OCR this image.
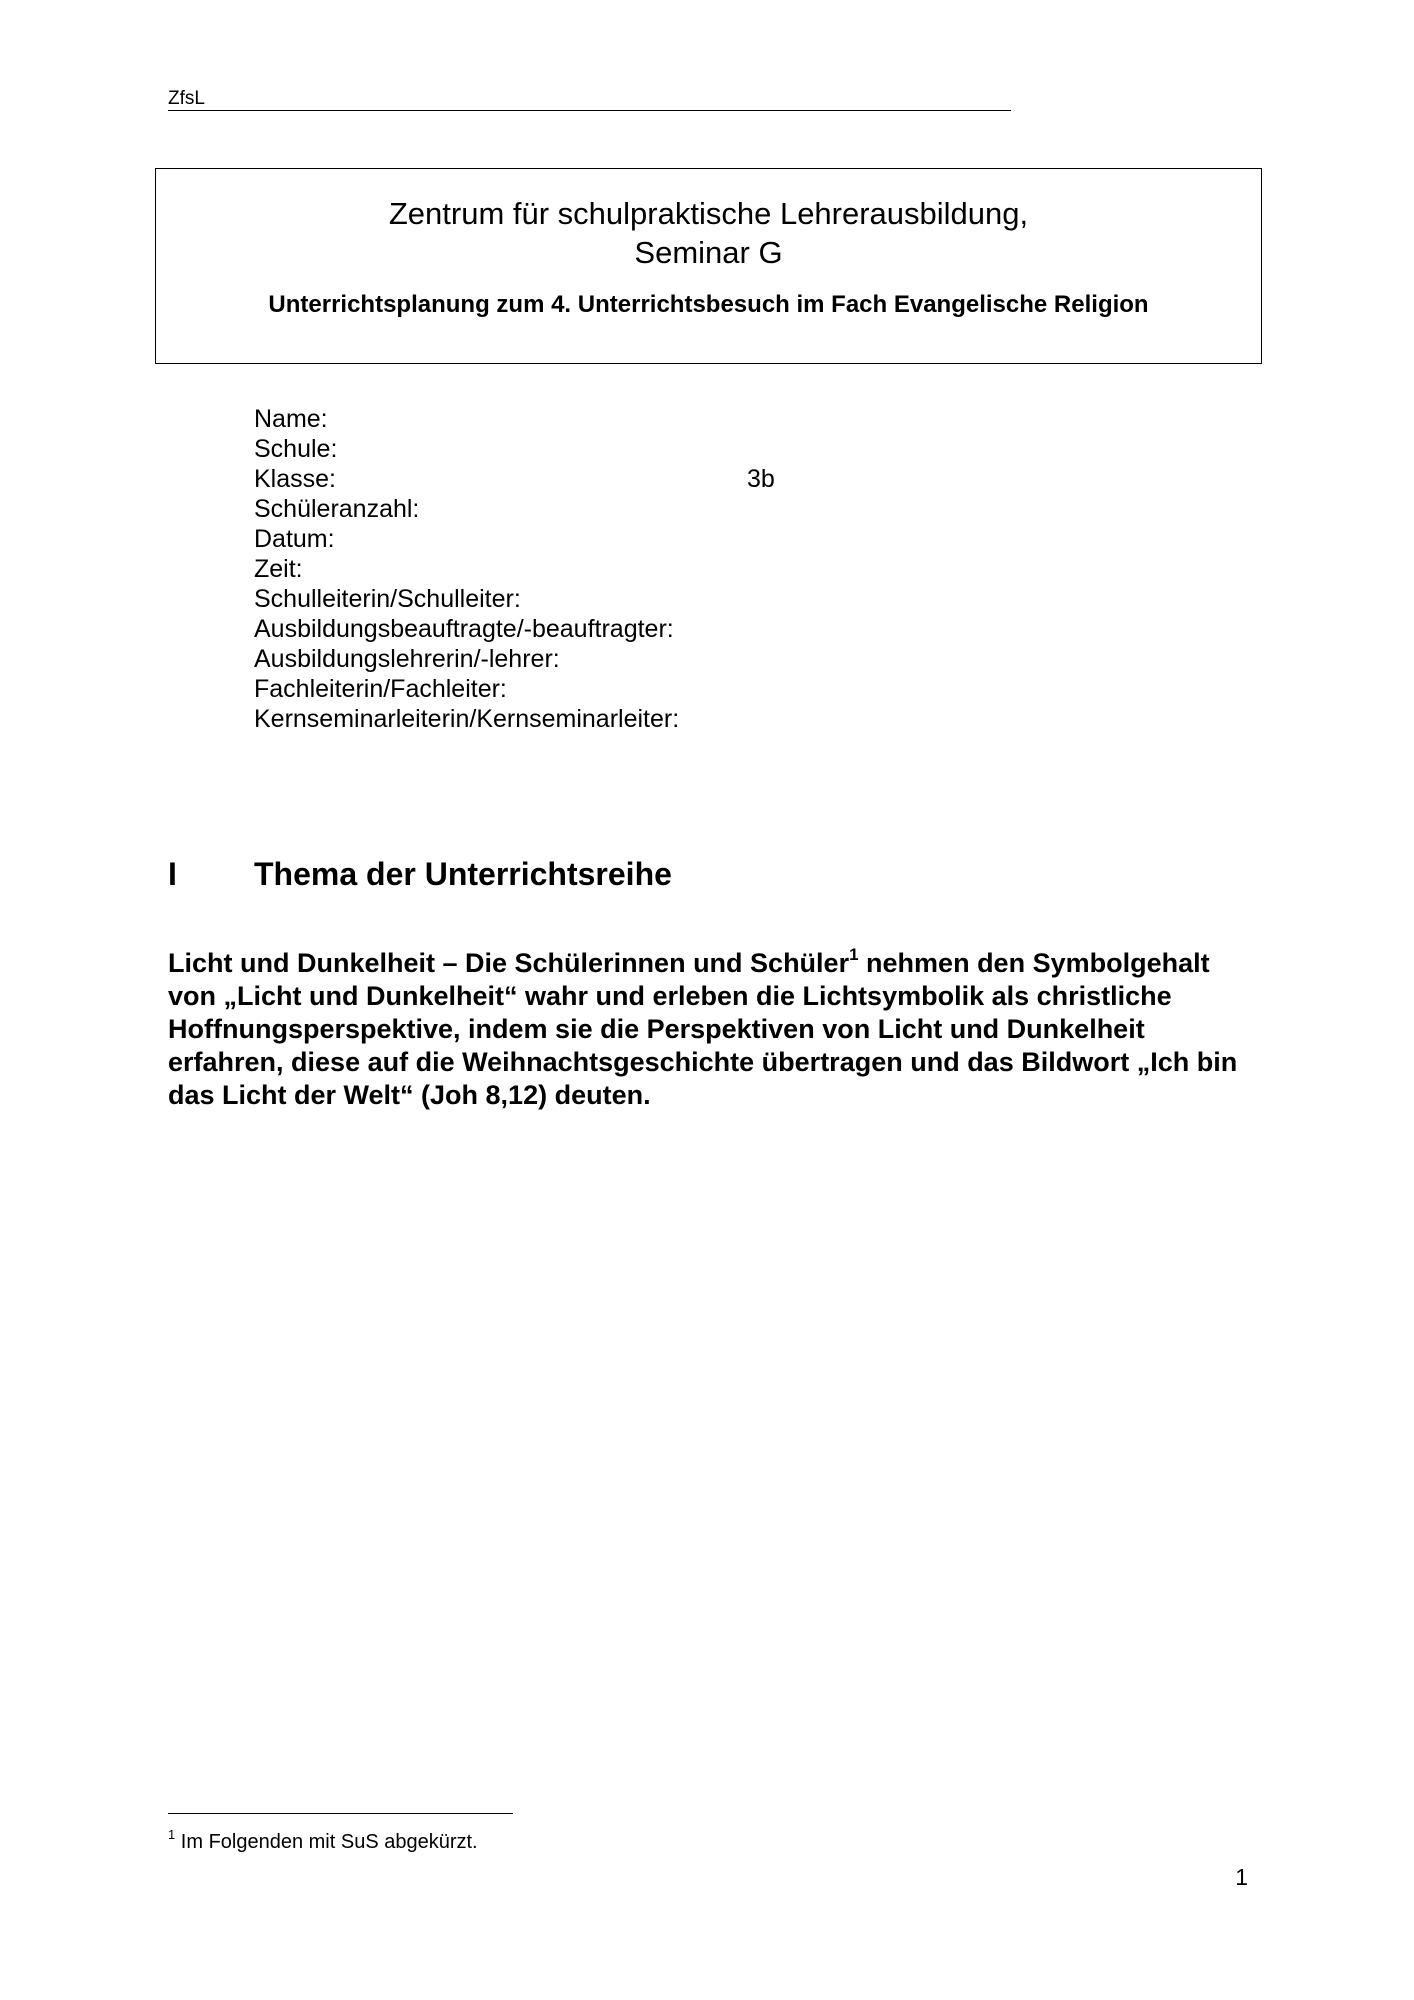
ZfsL
Zentrum für schulpraktische Lehrerausbildung,
Seminar G
Unterrichtsplanung zum 4. Unterrichtsbesuch im Fach Evangelische Religion
Name:
Schule:
Klasse:	3b
Schüleranzahl:
Datum:
Zeit:
Schulleiterin/Schulleiter:
Ausbildungsbeauftragte/-beauftragter:
Ausbildungslehrerin/-lehrer:
Fachleiterin/Fachleiter:
Kernseminarleiterin/Kernseminarleiter:
I Thema der Unterrichtsreihe
Licht und Dunkelheit – Die Schülerinnen und Schüler$^1$ nehmen den Symbolgehalt von „Licht und Dunkelheit“ wahr und erleben die Lichtsymbolik als christliche Hoffnungsperspektive, indem sie die Perspektiven von Licht und Dunkelheit erfahren, diese auf die Weihnachtsgeschichte übertragen und das Bildwort „Ich bin das Licht der Welt“ (Joh 8,12) deuten.
$^1$ Im Folgenden mit SuS abgekürzt.
1
